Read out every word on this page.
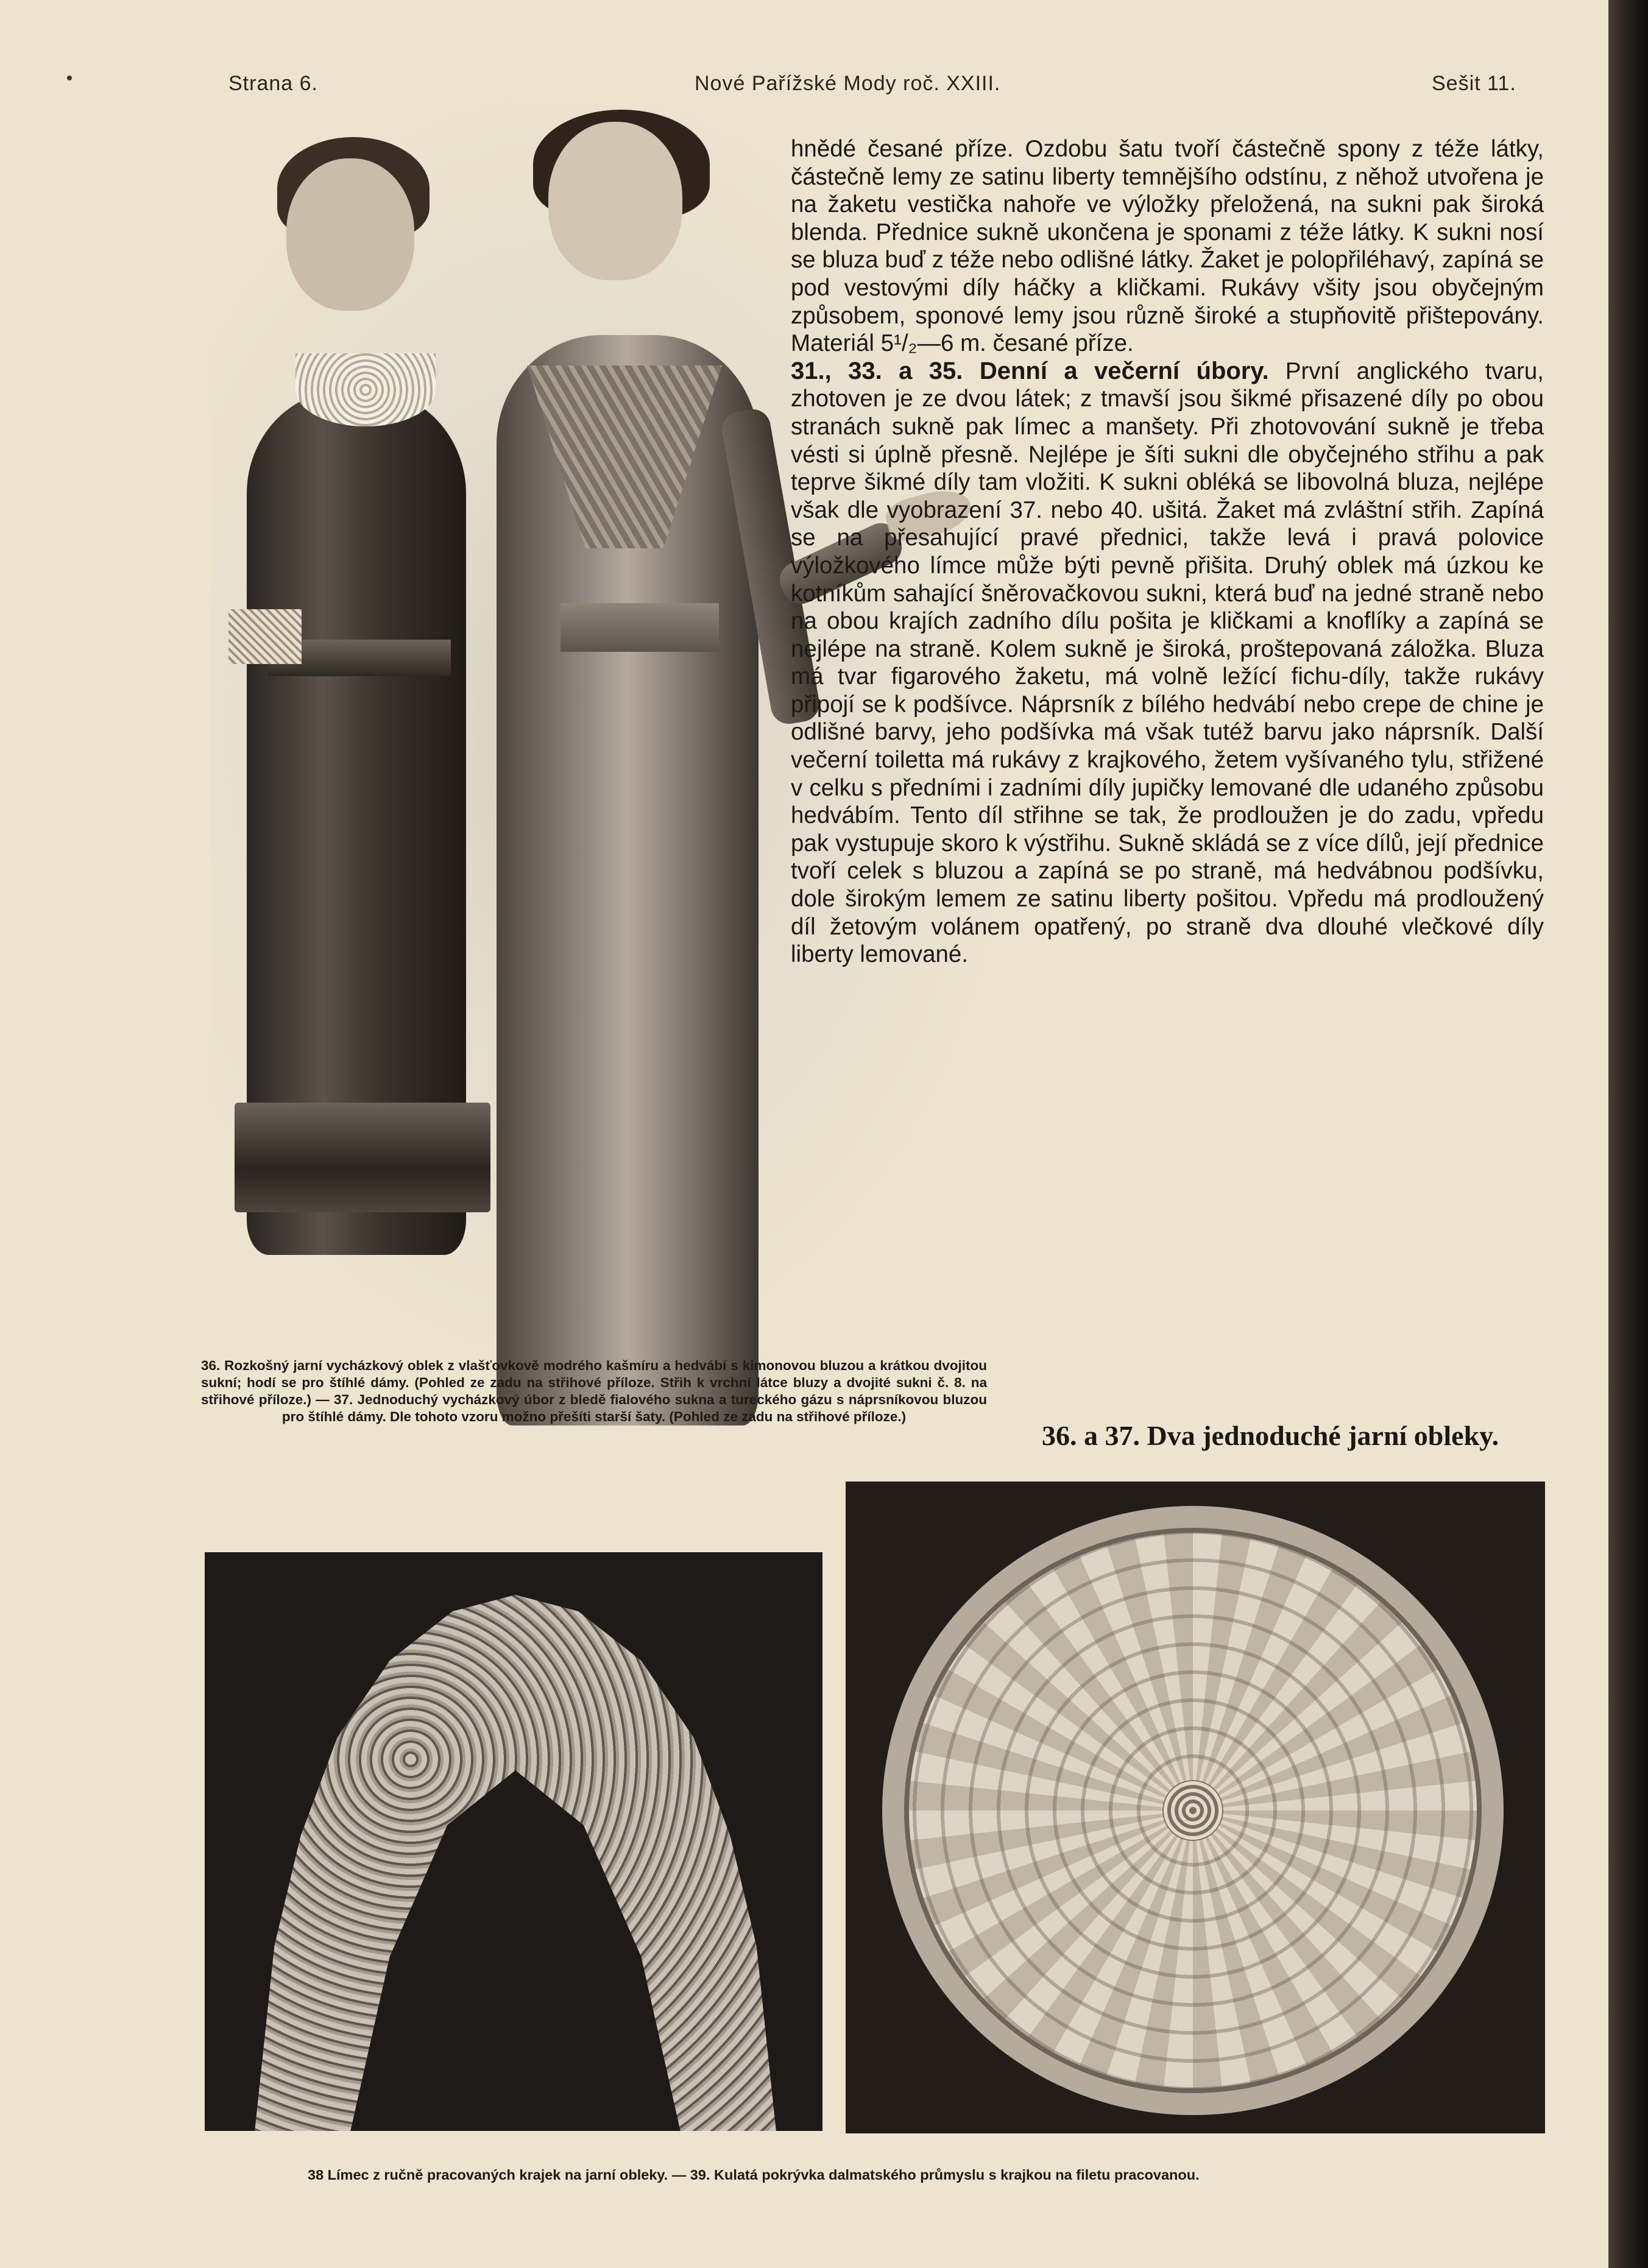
Strana 6.	Nové Pařížské Mody roč. XXIII.	Sešit 11.
36. Rozkošný jarní vycházkový oblek z vlašťovkově modrého kašmíru a hedvábí s kimonovou bluzou a krátkou dvojitou sukní; hodí se pro štíhlé dámy. (Pohled ze zadu na střihové příloze. Střih k vrchní látce bluzy a dvojité sukni č. 8. na střihové příloze.) — 37. Jednoduchý vycházkový úbor z bledě fialového sukna a tureckého gázu s náprsníkovou bluzou pro štíhlé dámy. Dle tohoto vzoru možno přešíti starší šaty. (Pohled ze zadu na střihové příloze.)

hnědé česané příze. Ozdobu šatu tvoří částečně spony z téže látky, částečně lemy ze satinu liberty temnějšího odstínu, z něhož utvořena je na žaketu vestička nahoře ve výložky přeložená, na sukni pak široká blenda. Přednice sukně ukončena je sponami z téže látky. K sukni nosí se bluza buď z téže nebo odlišné látky. Žaket je polopřiléhavý, zapíná se pod vestovými díly háčky a kličkami. Rukávy všity jsou obyčejným způsobem, sponové lemy jsou různě široké a stupňovitě přištepovány. Materiál 5¹/₂—6 m. česané příze.

31., 33. a 35. Denní a večerní úbory. První anglického tvaru, zhotoven je ze dvou látek; z tmavší jsou šikmé přisazené díly po obou stranách sukně pak límec a manšety. Při zhotovování sukně je třeba vésti si úplně přesně. Nejlépe je šíti sukni dle obyčejného střihu a pak teprve šikmé díly tam vložiti. K sukni obléká se libovolná bluza, nejlépe však dle vyobrazení 37. nebo 40. ušitá. Žaket má zvláštní střih. Zapíná se na přesahující pravé přednici, takže levá i pravá polovice výložkového límce může býti pevně přišita. Druhý oblek má úzkou ke kotníkům sahající šněrovačkovou sukni, která buď na jedné straně nebo na obou krajích zadního dílu pošita je kličkami a knoflíky a zapíná se nejlépe na straně. Kolem sukně je široká, proštepovaná záložka. Bluza má tvar figarového žaketu, má volně ležící fichu-díly, takže rukávy připojí se k podšívce. Náprsník z bílého hedvábí nebo crepe de chine je odlišné barvy, jeho podšívka má však tutéž barvu jako náprsník. Další večerní toiletta má rukávy z krajkového, žetem vyšívaného tylu, střižené v celku s předními i zadními díly jupičky lemované dle udaného způsobu hedvábím. Tento díl střihne se tak, že prodloužen je do zadu, vpředu pak vystupuje skoro k výstřihu. Sukně skládá se z více dílů, její přednice tvoří celek s bluzou a zapíná se po straně, má hedvábnou podšívku, dole širokým lemem ze satinu liberty pošitou. Vpředu má prodloužený díl žetovým volánem opatřený, po straně dva dlouhé vlečkové díly liberty lemované.

36. a 37. Dva jednoduché jarní obleky.
38 Límec z ručně pracovaných krajek na jarní obleky. — 39. Kulatá pokrývka dalmatského průmyslu s krajkou na filetu pracovanou.
